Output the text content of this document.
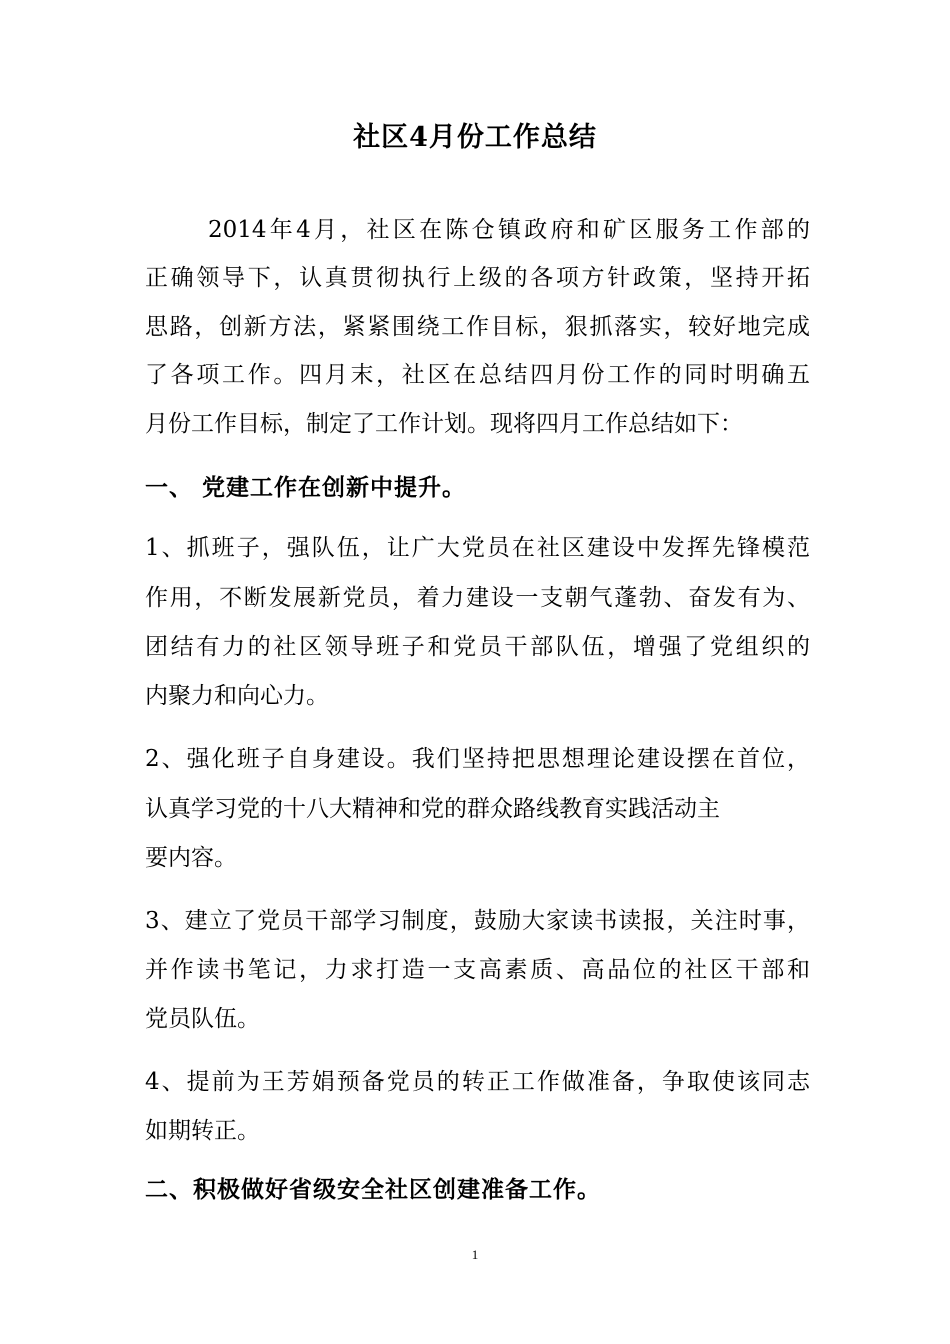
社区4月份工作总结
2014年4月，社区在陈仓镇政府和矿区服务工作部的
正确领导下，认真贯彻执行上级的各项方针政策，坚持开拓
思路，创新方法，紧紧围绕工作目标，狠抓落实，较好地完成
了各项工作。四月末，社区在总结四月份工作的同时明确五
月份工作目标，制定了工作计划。现将四月工作总结如下：
一、 党建工作在创新中提升。
1、抓班子，强队伍，让广大党员在社区建设中发挥先锋模范
作用，不断发展新党员，着力建设一支朝气蓬勃、奋发有为、
团结有力的社区领导班子和党员干部队伍，增强了党组织的
内聚力和向心力。
2、强化班子自身建设。我们坚持把思想理论建设摆在首位，
认真学习党的十八大精神和党的群众路线教育实践活动主
要内容。
3、建立了党员干部学习制度，鼓励大家读书读报，关注时事，
并作读书笔记，力求打造一支高素质、高品位的社区干部和
党员队伍。
4、提前为王芳娟预备党员的转正工作做准备，争取使该同志
如期转正。
二、积极做好省级安全社区创建准备工作。
1
